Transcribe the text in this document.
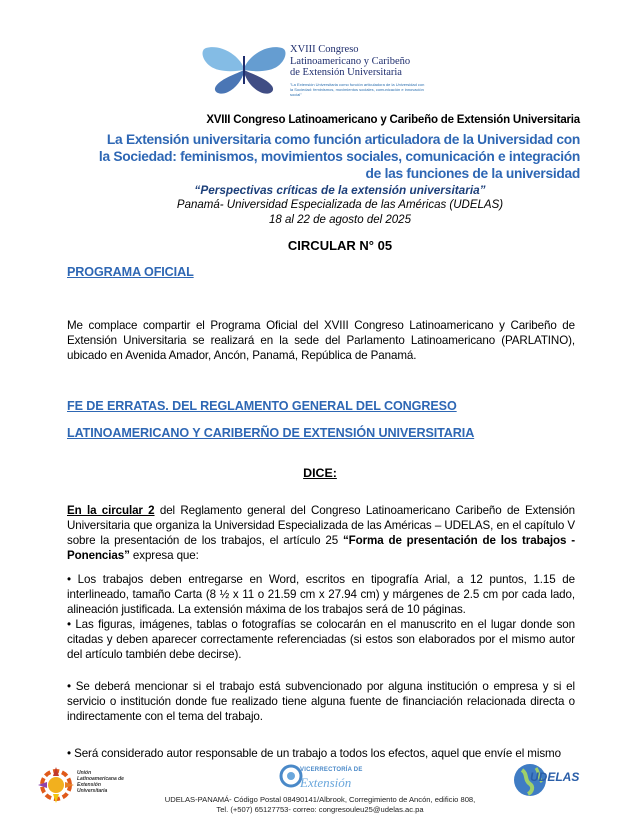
XVIII Congreso
Latinoamericano y Caribeño
de Extensión Universitaria
"La Extensión Universitaria como función articuladora de la Universidad con la Sociedad: feminismos, movimientos sociales, comunicación e innovación social"
XVIII Congreso Latinoamericano y Caribeño de Extensión Universitaria
La Extensión universitaria como función articuladora de la Universidad con la Sociedad: feminismos, movimientos sociales, comunicación e integración de las funciones de la universidad
“Perspectivas críticas de la extensión universitaria”
Panamá- Universidad Especializada de las Américas (UDELAS)
18 al 22 de agosto del 2025
CIRCULAR N° 05
PROGRAMA OFICIAL
Me complace compartir el Programa Oficial del XVIII Congreso Latinoamericano y Caribeño de Extensión Universitaria se realizará en la sede del Parlamento Latinoamericano (PARLATINO), ubicado en Avenida Amador, Ancón, Panamá, República de Panamá.
FE DE ERRATAS. DEL REGLAMENTO GENERAL DEL CONGRESO LATINOAMERICANO Y CARIBERÑO DE EXTENSIÓN UNIVERSITARIA
DICE:
En la circular 2 del Reglamento general del Congreso Latinoamericano Caribeño de Extensión Universitaria que organiza la Universidad Especializada de las Américas – UDELAS, en el capítulo V sobre la presentación de los trabajos, el artículo 25 “Forma de presentación de los trabajos - Ponencias” expresa que:
• Los trabajos deben entregarse en Word, escritos en tipografía Arial, a 12 puntos, 1.15 de interlineado, tamaño Carta (8 ½ x 11 o 21.59 cm x 27.94 cm) y márgenes de 2.5 cm por cada lado, alineación justificada. La extensión máxima de los trabajos será de 10 páginas.
• Las figuras, imágenes, tablas o fotografías se colocarán en el manuscrito en el lugar donde son citadas y deben aparecer correctamente referenciadas (si estos son elaborados por el mismo autor del artículo también debe decirse).
• Se deberá mencionar si el trabajo está subvencionado por alguna institución o empresa y si el servicio o institución donde fue realizado tiene alguna fuente de financiación relacionada directa o indirectamente con el tema del trabajo.
• Será considerado autor responsable de un trabajo a todos los efectos, aquel que envíe el mismo
Unión
Latinoamericana de
Extensión
Universitaria
VICERRECTORÍA DE
Extensión	UDELAS
UDELAS-PANAMÁ- Código Postal 08490141/Albrook, Corregimiento de Ancón, edificio 808,
Tel. (+507) 65127753- correo: congresouleu25@udelas.ac.pa
